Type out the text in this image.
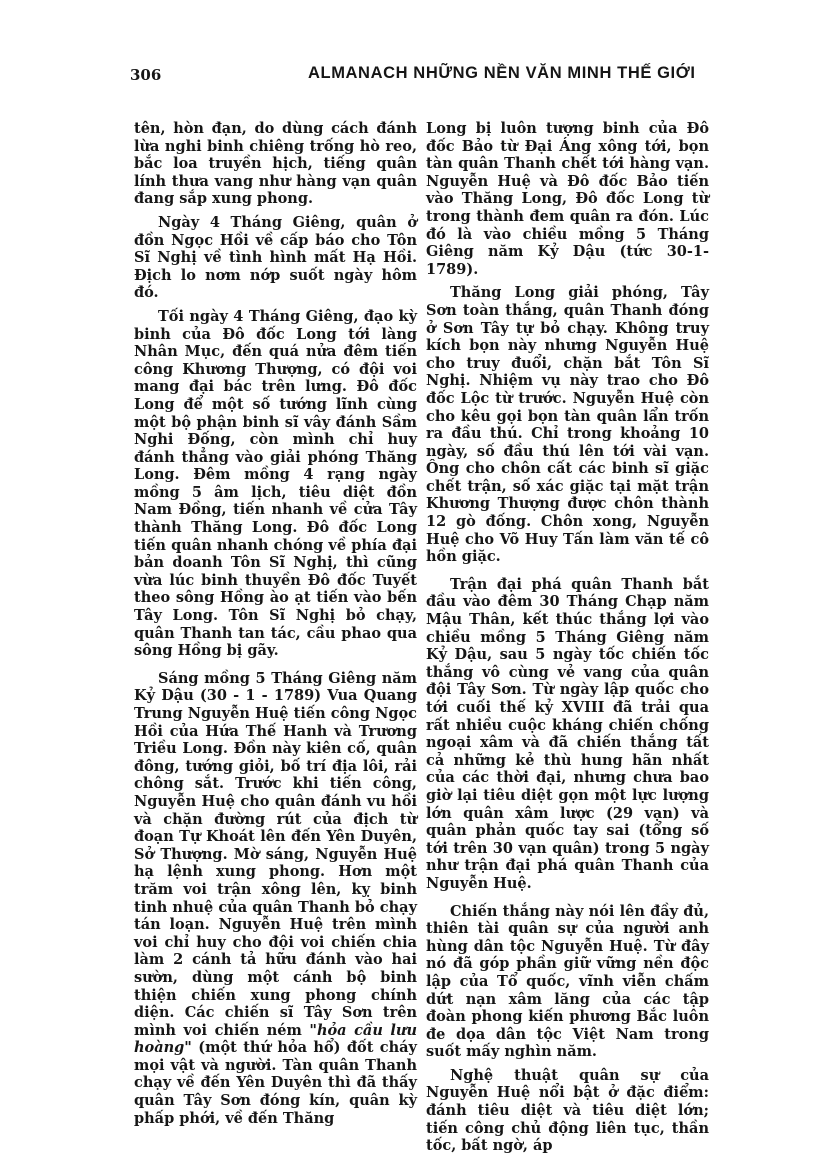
306	ALMANACH NHỮNG NỀN VĂN MINH THẾ GIỚI

tên, hòn đạn, do dùng cách đánh lừa nghi binh chiêng trống hò reo, bắc loa truyền hịch, tiếng quân lính thưa vang như hàng vạn quân đang sắp xung phong.

Ngày 4 Tháng Giêng, quân ở đồn Ngọc Hồi về cấp báo cho Tôn Sĩ Nghị về tình hình mất Hạ Hồi. Địch lo nơm nớp suốt ngày hôm đó.

Tối ngày 4 Tháng Giêng, đạo kỳ binh của Đô đốc Long tới làng Nhân Mục, đến quá nửa đêm tiến công Khương Thượng, có đội voi mang đại bác trên lưng. Đô đốc Long để một số tướng lĩnh cùng một bộ phận binh sĩ vây đánh Sầm Nghi Đống, còn mình chỉ huy đánh thẳng vào giải phóng Thăng Long. Đêm mồng 4 rạng ngày mồng 5 âm lịch, tiêu diệt đồn Nam Đồng, tiến nhanh về cửa Tây thành Thăng Long. Đô đốc Long tiến quân nhanh chóng về phía đại bản doanh Tôn Sĩ Nghị, thì cũng vừa lúc binh thuyền Đô đốc Tuyết theo sông Hồng ào ạt tiến vào bến Tây Long. Tôn Sĩ Nghị bỏ chạy, quân Thanh tan tác, cầu phao qua sông Hồng bị gãy.

Sáng mồng 5 Tháng Giêng năm Kỷ Dậu (30 - 1 - 1789) Vua Quang Trung Nguyễn Huệ tiến công Ngọc Hồi của Hứa Thế Hanh và Trương Triều Long. Đồn này kiên cố, quân đông, tướng giỏi, bố trí địa lôi, rải chông sắt. Trước khi tiến công, Nguyễn Huệ cho quân đánh vu hồi và chặn đường rút của địch từ đoạn Tự Khoát lên đến Yên Duyên, Sở Thượng. Mờ sáng, Nguyễn Huệ hạ lệnh xung phong. Hơn một trăm voi trận xông lên, kỵ binh tinh nhuệ của quân Thanh bỏ chạy tán loạn. Nguyễn Huệ trên mình voi chỉ huy cho đội voi chiến chia làm 2 cánh tả hữu đánh vào hai sườn, dùng một cánh bộ binh thiện chiến xung phong chính diện. Các chiến sĩ Tây Sơn trên mình voi chiến ném "hỏa cầu lưu hoàng" (một thứ hỏa hổ) đốt cháy mọi vật và người. Tàn quân Thanh chạy về đến Yên Duyên thì đã thấy quân Tây Sơn đóng kín, quân kỳ phấp phới, về đến Thăng

Long bị luôn tượng binh của Đô đốc Bảo từ Đại Áng xông tới, bọn tàn quân Thanh chết tới hàng vạn. Nguyễn Huệ và Đô đốc Bảo tiến vào Thăng Long, Đô đốc Long từ trong thành đem quân ra đón. Lúc đó là vào chiều mồng 5 Tháng Giêng năm Kỷ Dậu (tức 30-1-1789).

Thăng Long giải phóng, Tây Sơn toàn thắng, quân Thanh đóng ở Sơn Tây tự bỏ chạy. Không truy kích bọn này nhưng Nguyễn Huệ cho truy đuổi, chặn bắt Tôn Sĩ Nghị. Nhiệm vụ này trao cho Đô đốc Lộc từ trước. Nguyễn Huệ còn cho kêu gọi bọn tàn quân lẩn trốn ra đầu thú. Chỉ trong khoảng 10 ngày, số đầu thú lên tới vài vạn. Ông cho chôn cất các binh sĩ giặc chết trận, số xác giặc tại mặt trận Khương Thượng được chôn thành 12 gò đống. Chôn xong, Nguyễn Huệ cho Võ Huy Tấn làm văn tế cô hồn giặc.

Trận đại phá quân Thanh bắt đầu vào đêm 30 Tháng Chạp năm Mậu Thân, kết thúc thắng lợi vào chiều mồng 5 Tháng Giêng năm Kỷ Dậu, sau 5 ngày tốc chiến tốc thắng vô cùng vẻ vang của quân đội Tây Sơn. Từ ngày lập quốc cho tới cuối thế kỷ XVIII đã trải qua rất nhiều cuộc kháng chiến chống ngoại xâm và đã chiến thắng tất cả những kẻ thù hung hãn nhất của các thời đại, nhưng chưa bao giờ lại tiêu diệt gọn một lực lượng lớn quân xâm lược (29 vạn) và quân phản quốc tay sai (tổng số tới trên 30 vạn quân) trong 5 ngày như trận đại phá quân Thanh của Nguyễn Huệ.

Chiến thắng này nói lên đầy đủ, thiên tài quân sự của người anh hùng dân tộc Nguyễn Huệ. Từ đây nó đã góp phần giữ vững nền độc lập của Tổ quốc, vĩnh viễn chấm dứt nạn xâm lăng của các tập đoàn phong kiến phương Bắc luôn đe dọa dân tộc Việt Nam trong suốt mấy nghìn năm.

Nghệ thuật quân sự của Nguyễn Huệ nổi bật ở đặc điểm: đánh tiêu diệt và tiêu diệt lớn; tiến công chủ động liên tục, thần tốc, bất ngờ, áp
